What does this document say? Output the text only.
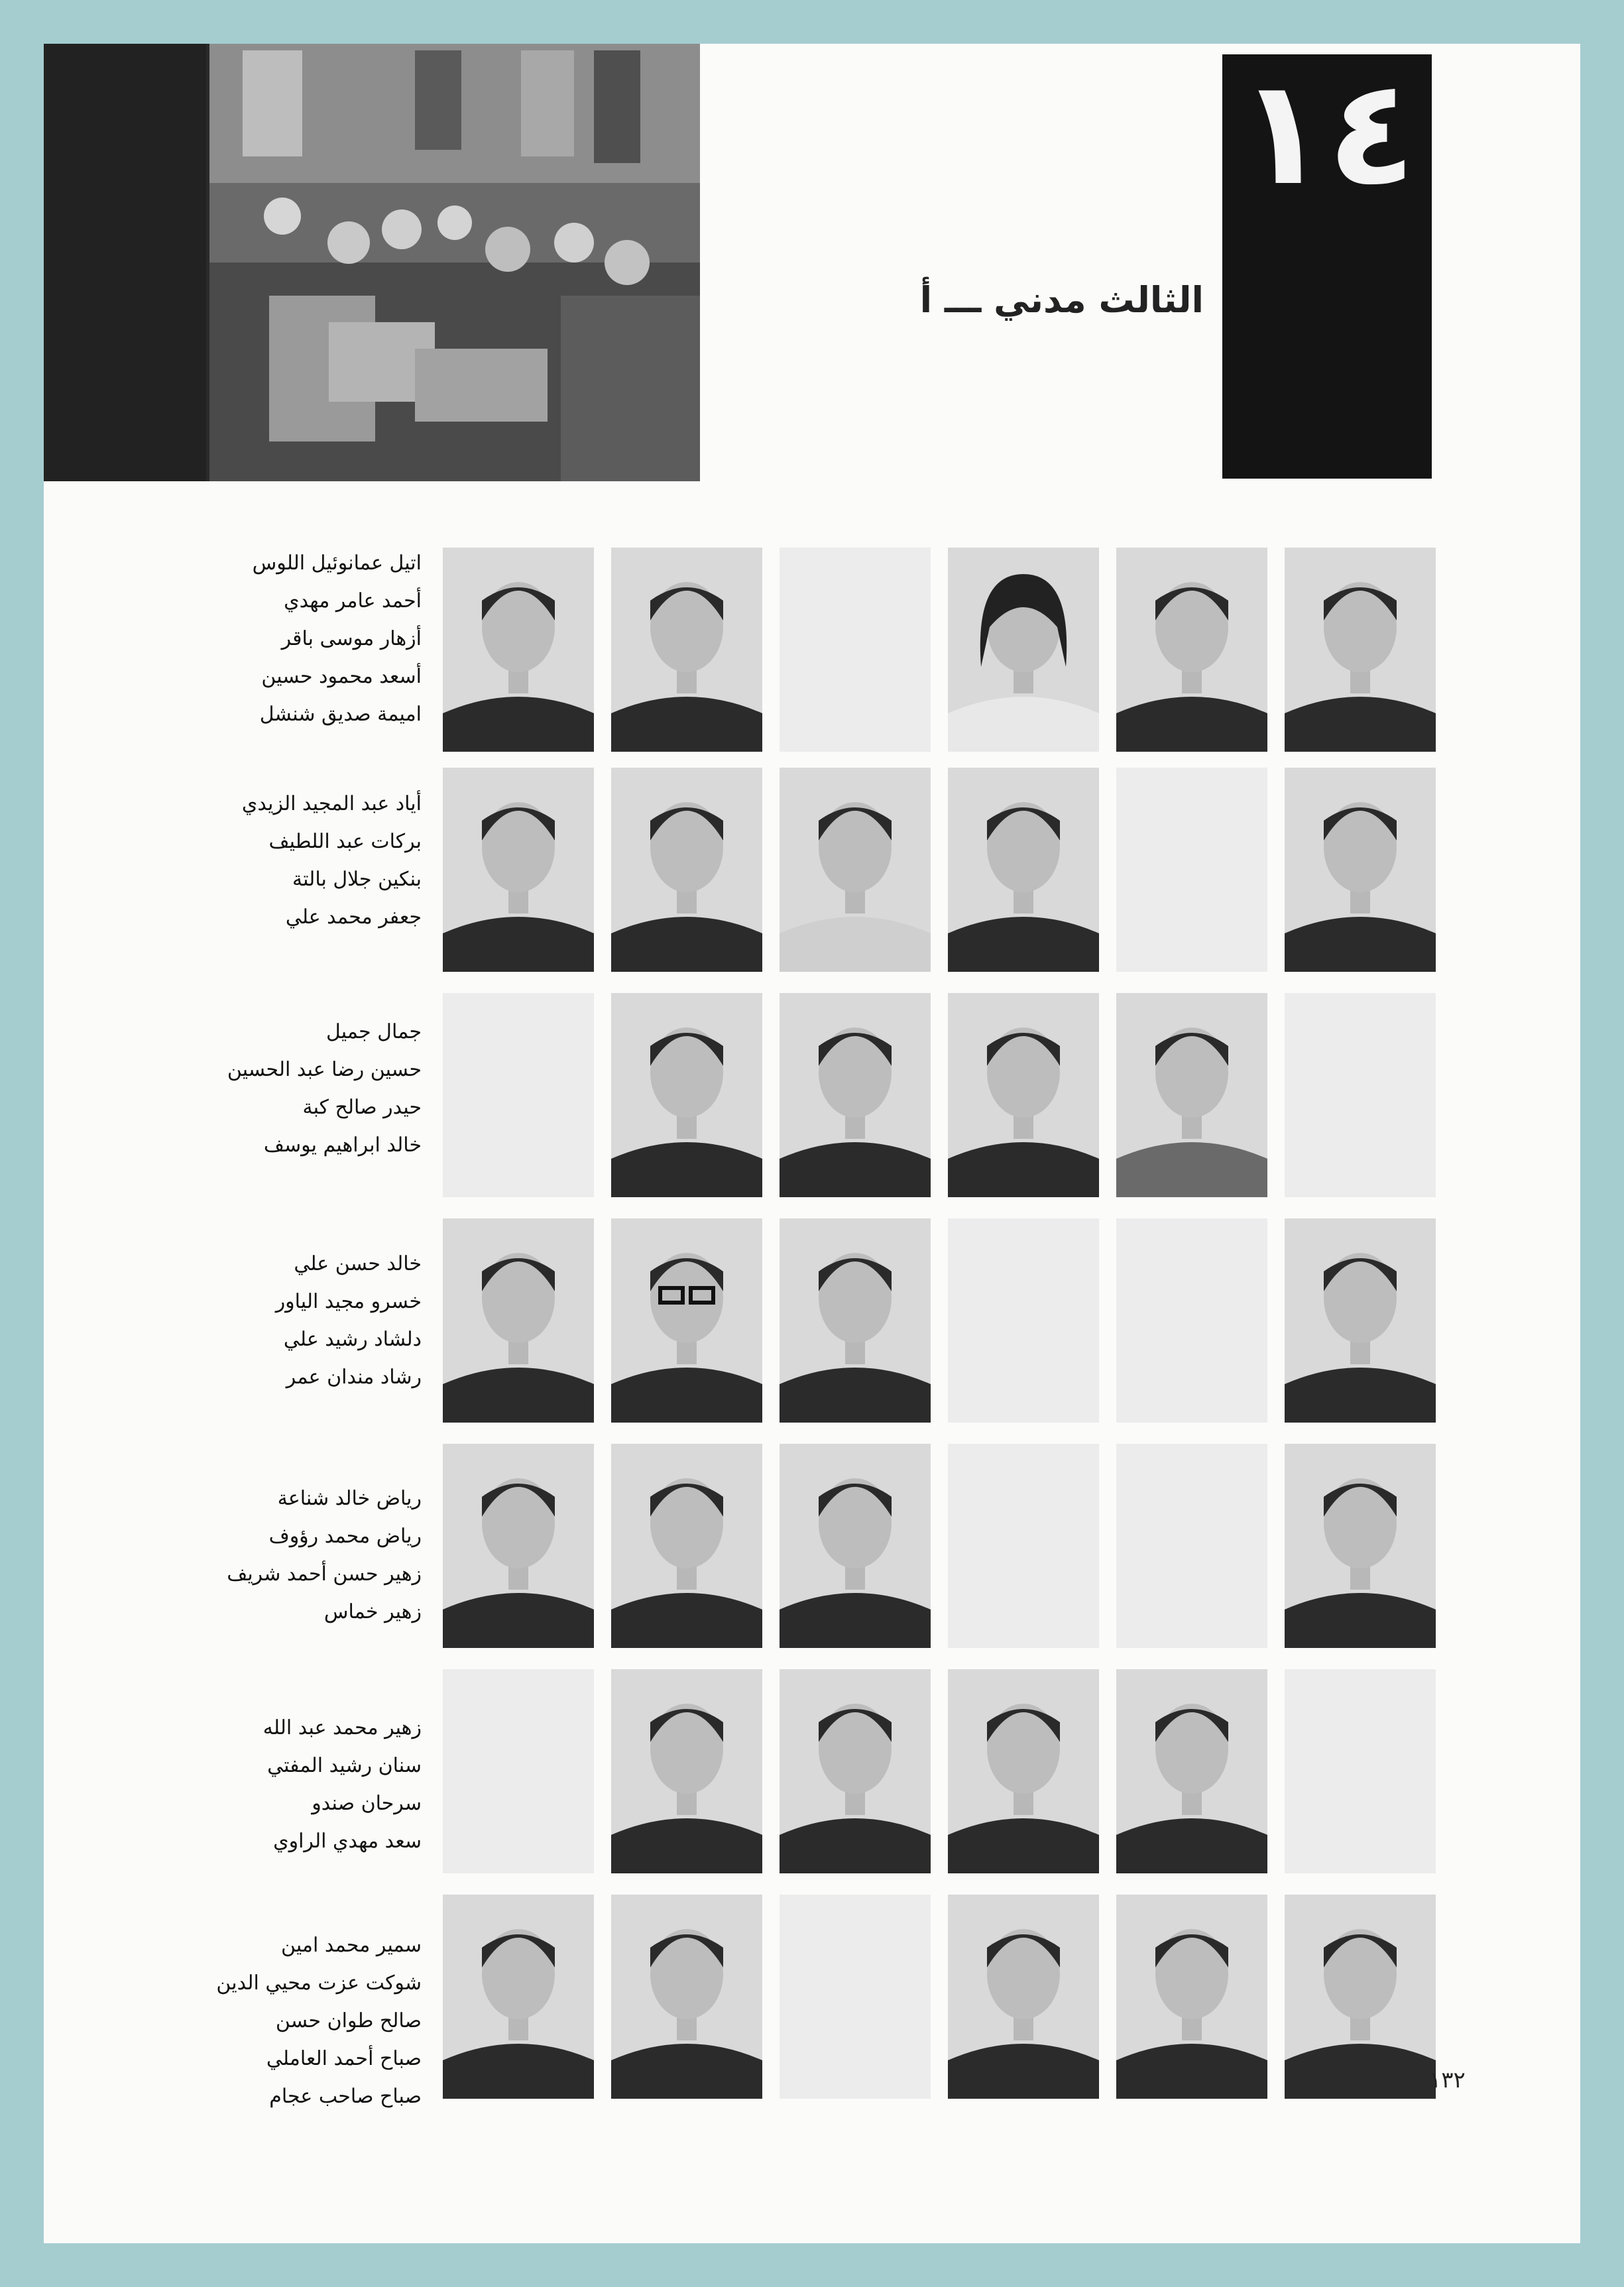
١٤
الثالث مدني ـــ أ
اتيل عمانوئيل اللوس
أحمد عامر مهدي
أزهار موسى باقر
أسعد محمود حسين
اميمة صديق شنشل
أياد عبد المجيد الزيدي
بركات عبد اللطيف
بنكين جلال بالتة
جعفر محمد علي
جمال جميل
حسين رضا عبد الحسين
حيدر صالح كبة
خالد ابراهيم يوسف
خالد حسن علي
خسرو مجيد الياور
دلشاد رشيد علي
رشاد مندان عمر
رياض خالد شناعة
رياض محمد رؤوف
زهير حسن أحمد شريف
زهير خماس
زهير محمد عبد الله
سنان رشيد المفتي
سرحان صندو
سعد مهدي الراوي
سمير محمد امين
شوكت عزت محيي الدين
صالح طوان حسن
صباح أحمد العاملي
صباح صاحب عجام
١٣٢
